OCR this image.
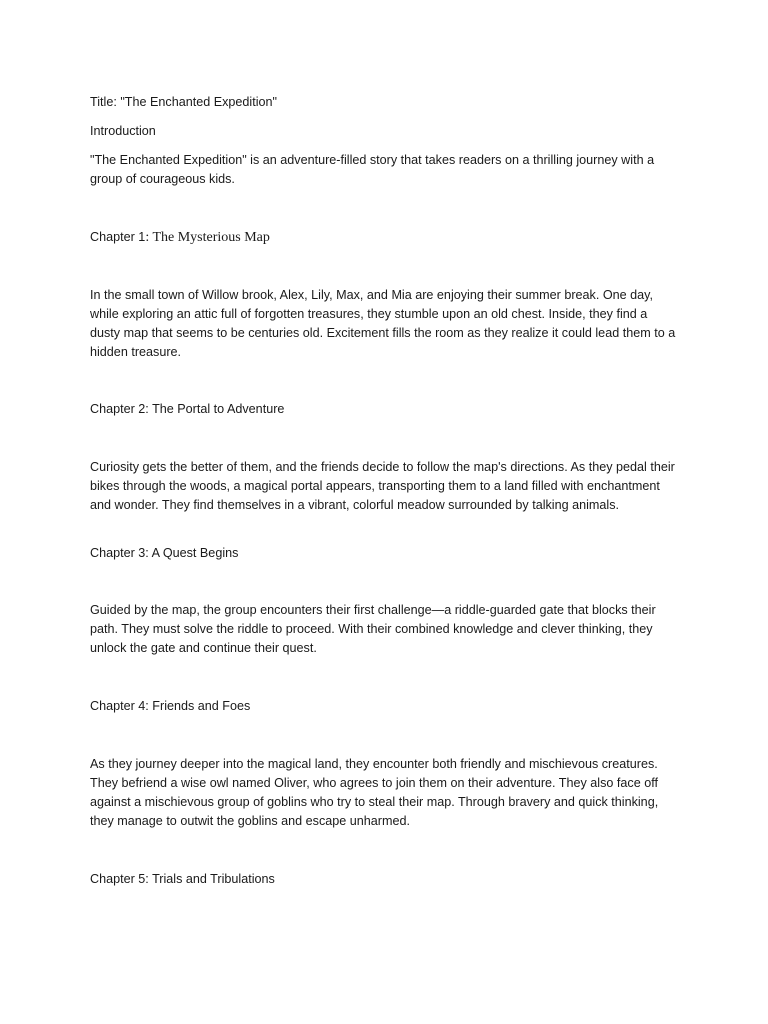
Title: "The Enchanted Expedition"

Introduction

"The Enchanted Expedition" is an adventure-filled story that takes readers on a thrilling journey with a group of courageous kids.

Chapter 1: The Mysterious Map

In the small town of Willow brook, Alex, Lily, Max, and Mia are enjoying their summer break. One day, while exploring an attic full of forgotten treasures, they stumble upon an old chest. Inside, they find a dusty map that seems to be centuries old. Excitement fills the room as they realize it could lead them to a hidden treasure.

Chapter 2: The Portal to Adventure

Curiosity gets the better of them, and the friends decide to follow the map's directions. As they pedal their bikes through the woods, a magical portal appears, transporting them to a land filled with enchantment and wonder. They find themselves in a vibrant, colorful meadow surrounded by talking animals.

Chapter 3: A Quest Begins

Guided by the map, the group encounters their first challenge—a riddle-guarded gate that blocks their path. They must solve the riddle to proceed. With their combined knowledge and clever thinking, they unlock the gate and continue their quest.

Chapter 4: Friends and Foes

As they journey deeper into the magical land, they encounter both friendly and mischievous creatures. They befriend a wise owl named Oliver, who agrees to join them on their adventure. They also face off against a mischievous group of goblins who try to steal their map. Through bravery and quick thinking, they manage to outwit the goblins and escape unharmed.

Chapter 5: Trials and Tribulations
